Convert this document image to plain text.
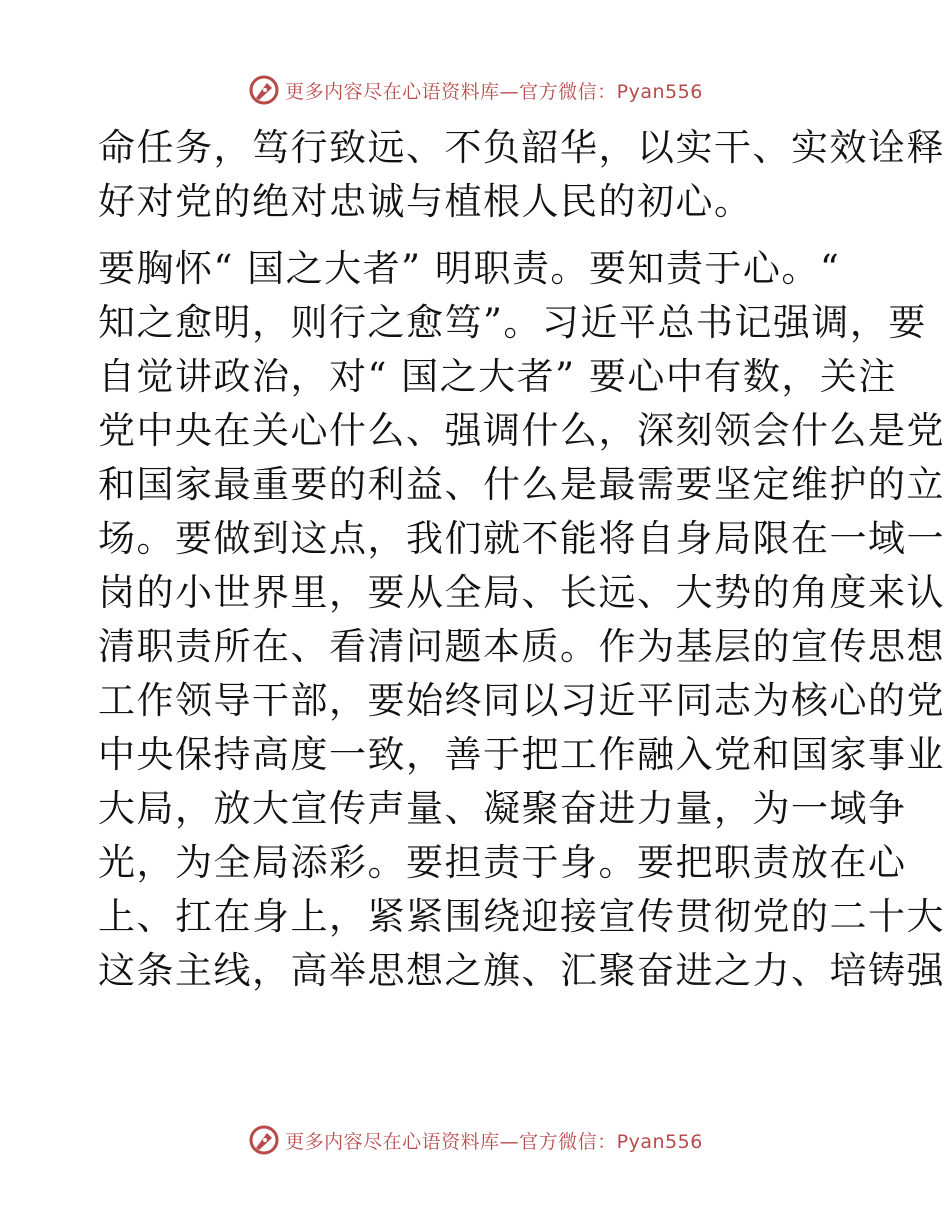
更多内容尽在心语资料库—官方微信：Pyan556
命任务，笃行致远、不负韶华，以实干、实效诠释
好对党的绝对忠诚与植根人民的初心。
要胸怀“ 国之大者” 明职责。要知责于心。“
知之愈明，则行之愈笃”。习近平总书记强调，要
自觉讲政治，对“ 国之大者” 要心中有数，关注
党中央在关心什么、强调什么，深刻领会什么是党
和国家最重要的利益、什么是最需要坚定维护的立
场。要做到这点，我们就不能将自身局限在一域一
岗的小世界里，要从全局、长远、大势的角度来认
清职责所在、看清问题本质。作为基层的宣传思想
工作领导干部，要始终同以习近平同志为核心的党
中央保持高度一致，善于把工作融入党和国家事业
大局，放大宣传声量、凝聚奋进力量，为一域争
光，为全局添彩。要担责于身。要把职责放在心
上、扛在身上，紧紧围绕迎接宣传贯彻党的二十大
这条主线，高举思想之旗、汇聚奋进之力、培铸强
更多内容尽在心语资料库—官方微信：Pyan556
